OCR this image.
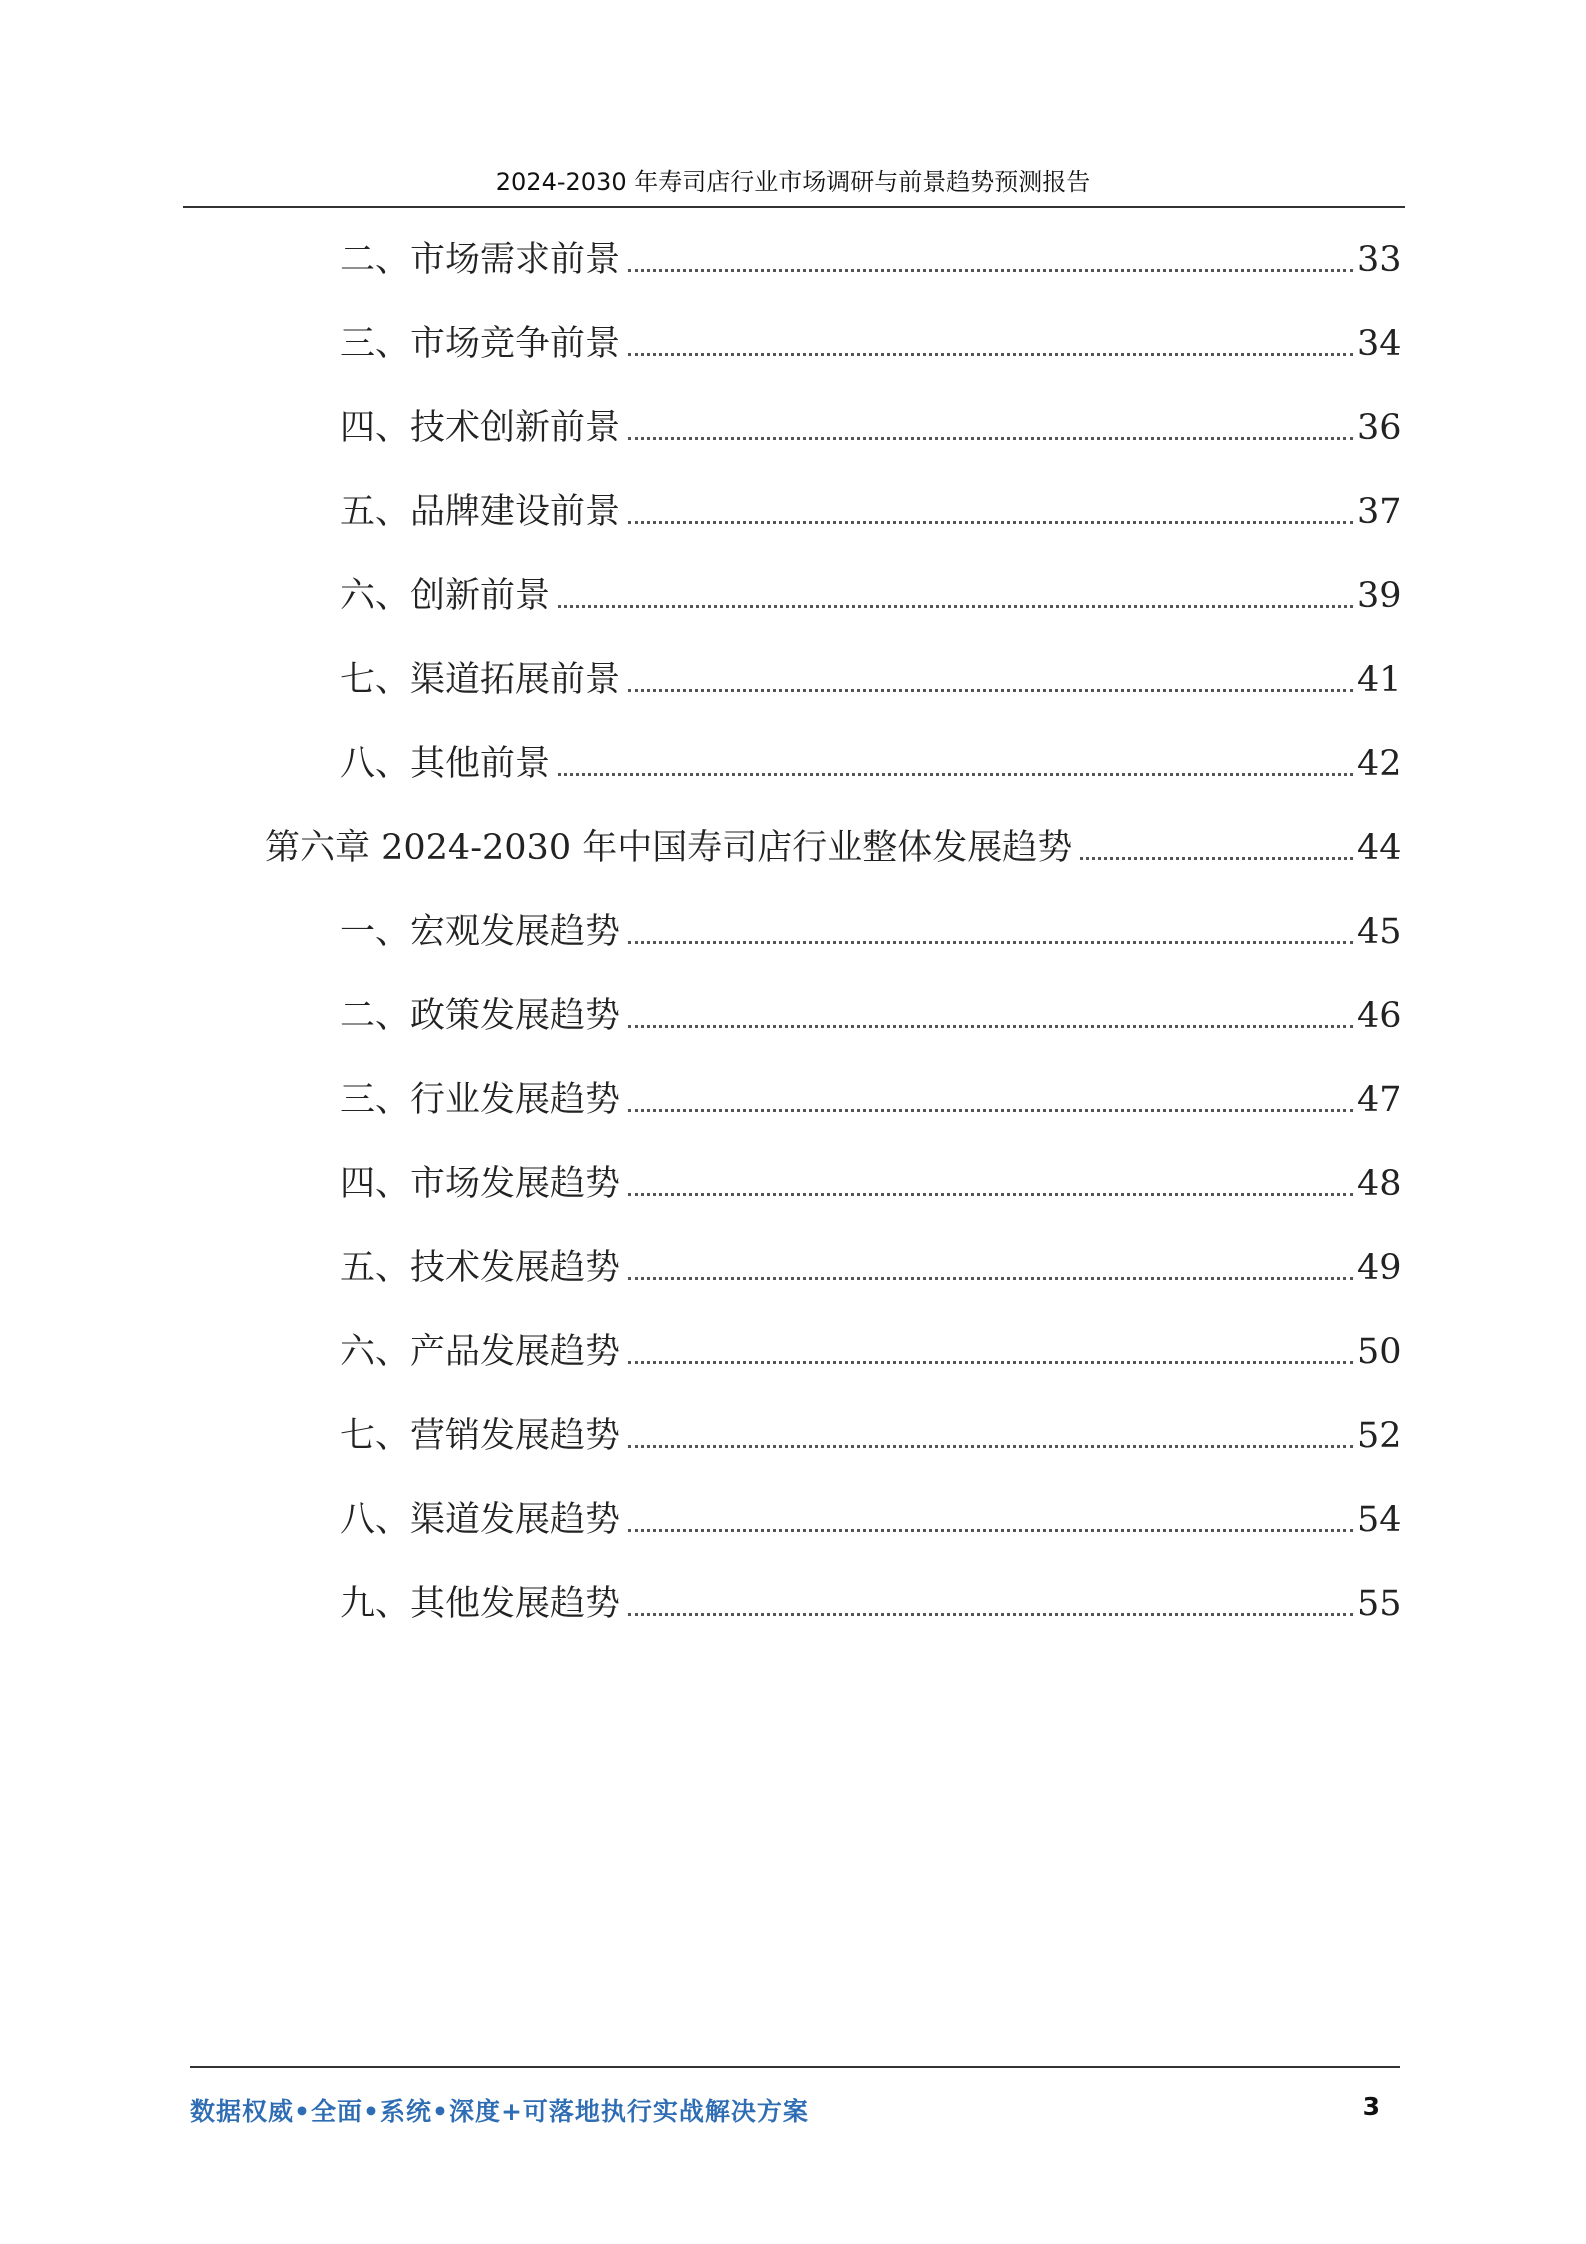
2024-2030 年寿司店行业市场调研与前景趋势预测报告
二、市场需求前景	33
三、市场竞争前景	34
四、技术创新前景	36
五、品牌建设前景	37
六、创新前景	39
七、渠道拓展前景	41
八、其他前景	42
第六章 2024-2030 年中国寿司店行业整体发展趋势	44
一、宏观发展趋势	45
二、政策发展趋势	46
三、行业发展趋势	47
四、市场发展趋势	48
五、技术发展趋势	49
六、产品发展趋势	50
七、营销发展趋势	52
八、渠道发展趋势	54
九、其他发展趋势	55
数据权威•全面•系统•深度+可落地执行实战解决方案	3
